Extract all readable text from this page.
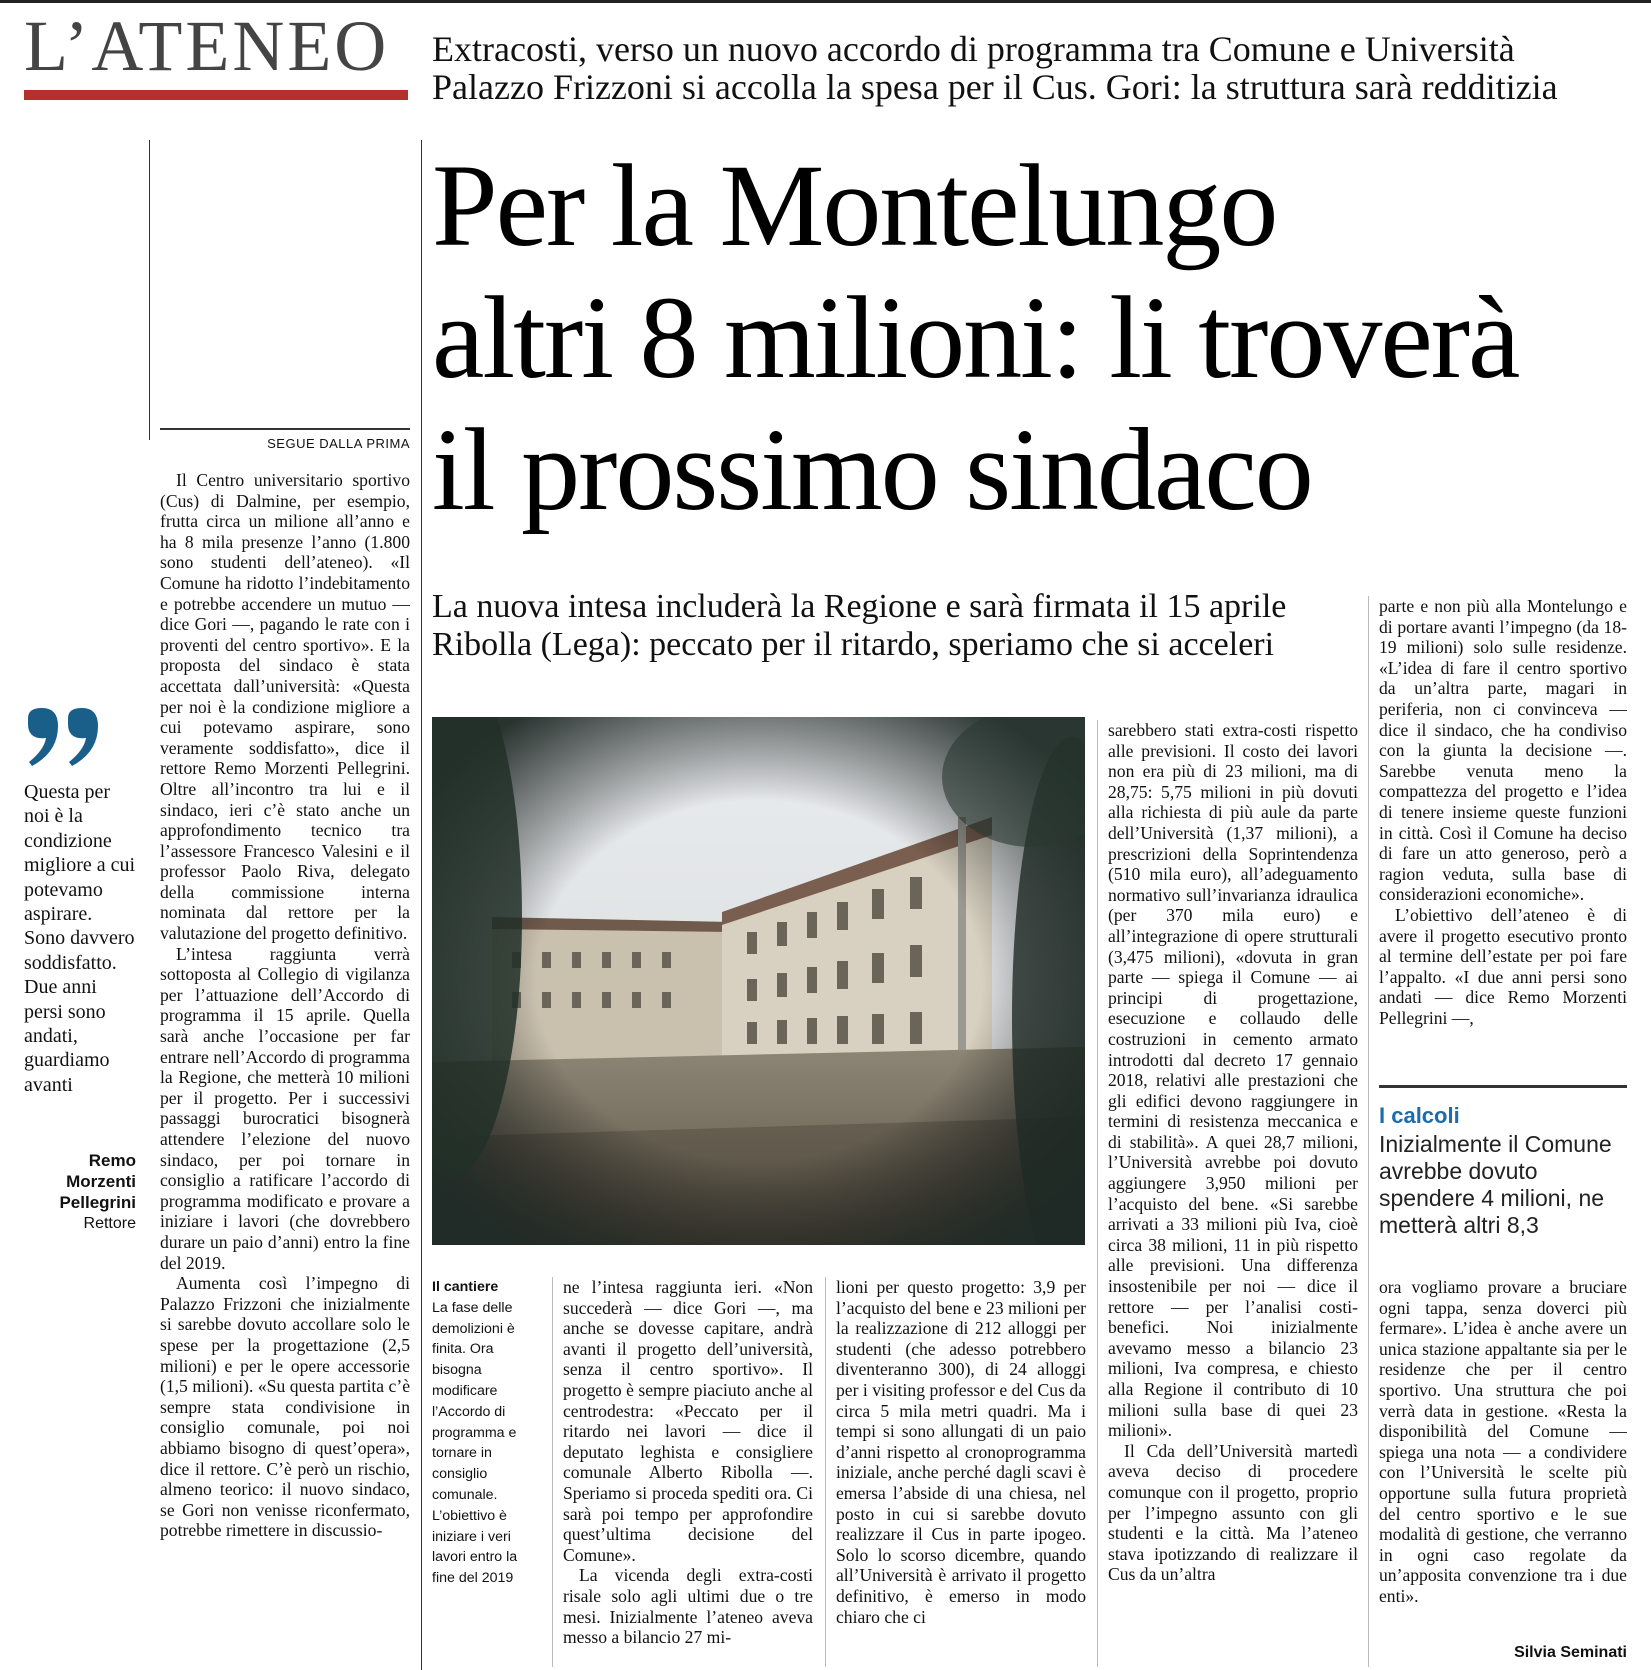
L’ATENEO Extracosti, verso un nuovo accordo di programma tra Comune e Università
Palazzo Frizzoni si accolla la spesa per il Cus. Gori: la struttura sarà redditizia
Per la Montelungo
altri 8 milioni: li troverà
il prossimo sindaco
La nuova intesa includerà la Regione e sarà firmata il 15 aprile
Ribolla (Lega): peccato per il ritardo, speriamo che si acceleri
SEGUE DALLA PRIMA

Il Centro universitario sportivo (Cus) di Dalmine, per esempio, frutta circa un milione all’anno e ha 8 mila presenze l’anno (1.800 sono studenti dell’ateneo). «Il Comune ha ridotto l’indebitamento e potrebbe accendere un mutuo — dice Gori —, pagando le rate con i proventi del centro sportivo». E la proposta del sindaco è stata accettata dall’università: «Questa per noi è la condizione migliore a cui potevamo aspirare, sono veramente soddisfatto», dice il rettore Remo Morzenti Pellegrini. Oltre all’incontro tra lui e il sindaco, ieri c’è stato anche un approfondimento tecnico tra l’assessore Francesco Valesini e il professor Paolo Riva, delegato della commissione interna nominata dal rettore per la valutazione del progetto definitivo.

L’intesa raggiunta verrà sottoposta al Collegio di vigilanza per l’attuazione dell’Accordo di programma il 15 aprile. Quella sarà anche l’occasione per far entrare nell’Accordo di programma la Regione, che metterà 10 milioni per il progetto. Per i successivi passaggi burocratici bisognerà attendere l’elezione del nuovo sindaco, per poi tornare in consiglio a ratificare l’accordo di programma modificato e provare a iniziare i lavori (che dovrebbero durare un paio d’anni) entro la fine del 2019.

Aumenta così l’impegno di Palazzo Frizzoni che inizialmente si sarebbe dovuto accollare solo le spese per la progettazione (2,5 milioni) e per le opere accessorie (1,5 milioni). «Su questa partita c’è sempre stata condivisione in consiglio comunale, poi noi abbiamo bisogno di quest’opera», dice il rettore. C’è però un rischio, almeno teorico: il nuovo sindaco, se Gori non venisse riconfermato, potrebbe rimettere in discussio-

Questa per noi è la condizione migliore a cui potevamo aspirare. Sono davvero soddisfatto. Due anni persi sono andati, guardiamo avanti
Remo Morzenti Pellegrini
Rettore
Il cantiere
La fase delle demolizioni è finita. Ora bisogna modificare l’Accordo di programma e tornare in consiglio comunale. L’obiettivo è iniziare i veri lavori entro la fine del 2019

ne l’intesa raggiunta ieri. «Non succederà — dice Gori —, ma anche se dovesse capitare, andrà avanti il progetto dell’università, senza il centro sportivo». Il progetto è sempre piaciuto anche al centrodestra: «Peccato per il ritardo nei lavori — dice il deputato leghista e consigliere comunale Alberto Ribolla —. Speriamo si proceda spediti ora. Ci sarà poi tempo per approfondire quest’ultima decisione del Comune».

La vicenda degli extra-costi risale solo agli ultimi due o tre mesi. Inizialmente l’ateneo aveva messo a bilancio 27 mi-

lioni per questo progetto: 3,9 per l’acquisto del bene e 23 milioni per la realizzazione di 212 alloggi per studenti (che adesso potrebbero diventeranno 300), di 24 alloggi per i visiting professor e del Cus da circa 5 mila metri quadri. Ma i tempi si sono allungati di un paio d’anni rispetto al cronoprogramma iniziale, anche perché dagli scavi è emersa l’abside di una chiesa, nel posto in cui si sarebbe dovuto realizzare il Cus in parte ipogeo. Solo lo scorso dicembre, quando all’Università è arrivato il progetto definitivo, è emerso in modo chiaro che ci

sarebbero stati extra-costi rispetto alle previsioni. Il costo dei lavori non era più di 23 milioni, ma di 28,75: 5,75 milioni in più dovuti alla richiesta di più aule da parte dell’Università (1,37 milioni), a prescrizioni della Soprintendenza (510 mila euro), all’adeguamento normativo sull’invarianza idraulica (per 370 mila euro) e all’integrazione di opere strutturali (3,475 milioni), «dovuta in gran parte — spiega il Comune — ai principi di progettazione, esecuzione e collaudo delle costruzioni in cemento armato introdotti dal decreto 17 gennaio 2018, relativi alle prestazioni che gli edifici devono raggiungere in termini di resistenza meccanica e di stabilità». A quei 28,7 milioni, l’Università avrebbe poi dovuto aggiungere 3,950 milioni per l’acquisto del bene. «Si sarebbe arrivati a 33 milioni più Iva, cioè circa 38 milioni, 11 in più rispetto alle previsioni. Una differenza insostenibile per noi — dice il rettore — per l’analisi costi-benefici. Noi inizialmente avevamo messo a bilancio 23 milioni, Iva compresa, e chiesto alla Regione il contributo di 10 milioni sulla base di quei 23 milioni».

Il Cda dell’Università martedì aveva deciso di procedere comunque con il progetto, proprio per l’impegno assunto con gli studenti e la città. Ma l’ateneo stava ipotizzando di realizzare il Cus da un’altra

parte e non più alla Montelungo e di portare avanti l’impegno (da 18-19 milioni) solo sulle residenze. «L’idea di fare il centro sportivo da un’altra parte, magari in periferia, non ci convinceva — dice il sindaco, che ha condiviso con la giunta la decisione —. Sarebbe venuta meno la compattezza del progetto e l’idea di tenere insieme queste funzioni in città. Così il Comune ha deciso di fare un atto generoso, però a ragion veduta, sulla base di considerazioni economiche».

L’obiettivo dell’ateneo è di avere il progetto esecutivo pronto al termine dell’estate per poi fare l’appalto. «I due anni persi sono andati — dice Remo Morzenti Pellegrini —,

I calcoli
Inizialmente il Comune avrebbe dovuto spendere 4 milioni, ne metterà altri 8,3

ora vogliamo provare a bruciare ogni tappa, senza doverci più fermare». L’idea è anche avere un unica stazione appaltante sia per le residenze che per il centro sportivo. Una struttura che poi verrà data in gestione. «Resta la disponibilità del Comune — spiega una nota — a condividere con l’Università le scelte più opportune sulla futura proprietà del centro sportivo e le sue modalità di gestione, che verranno in ogni caso regolate da un’apposita convenzione tra i due enti».

Silvia Seminati
